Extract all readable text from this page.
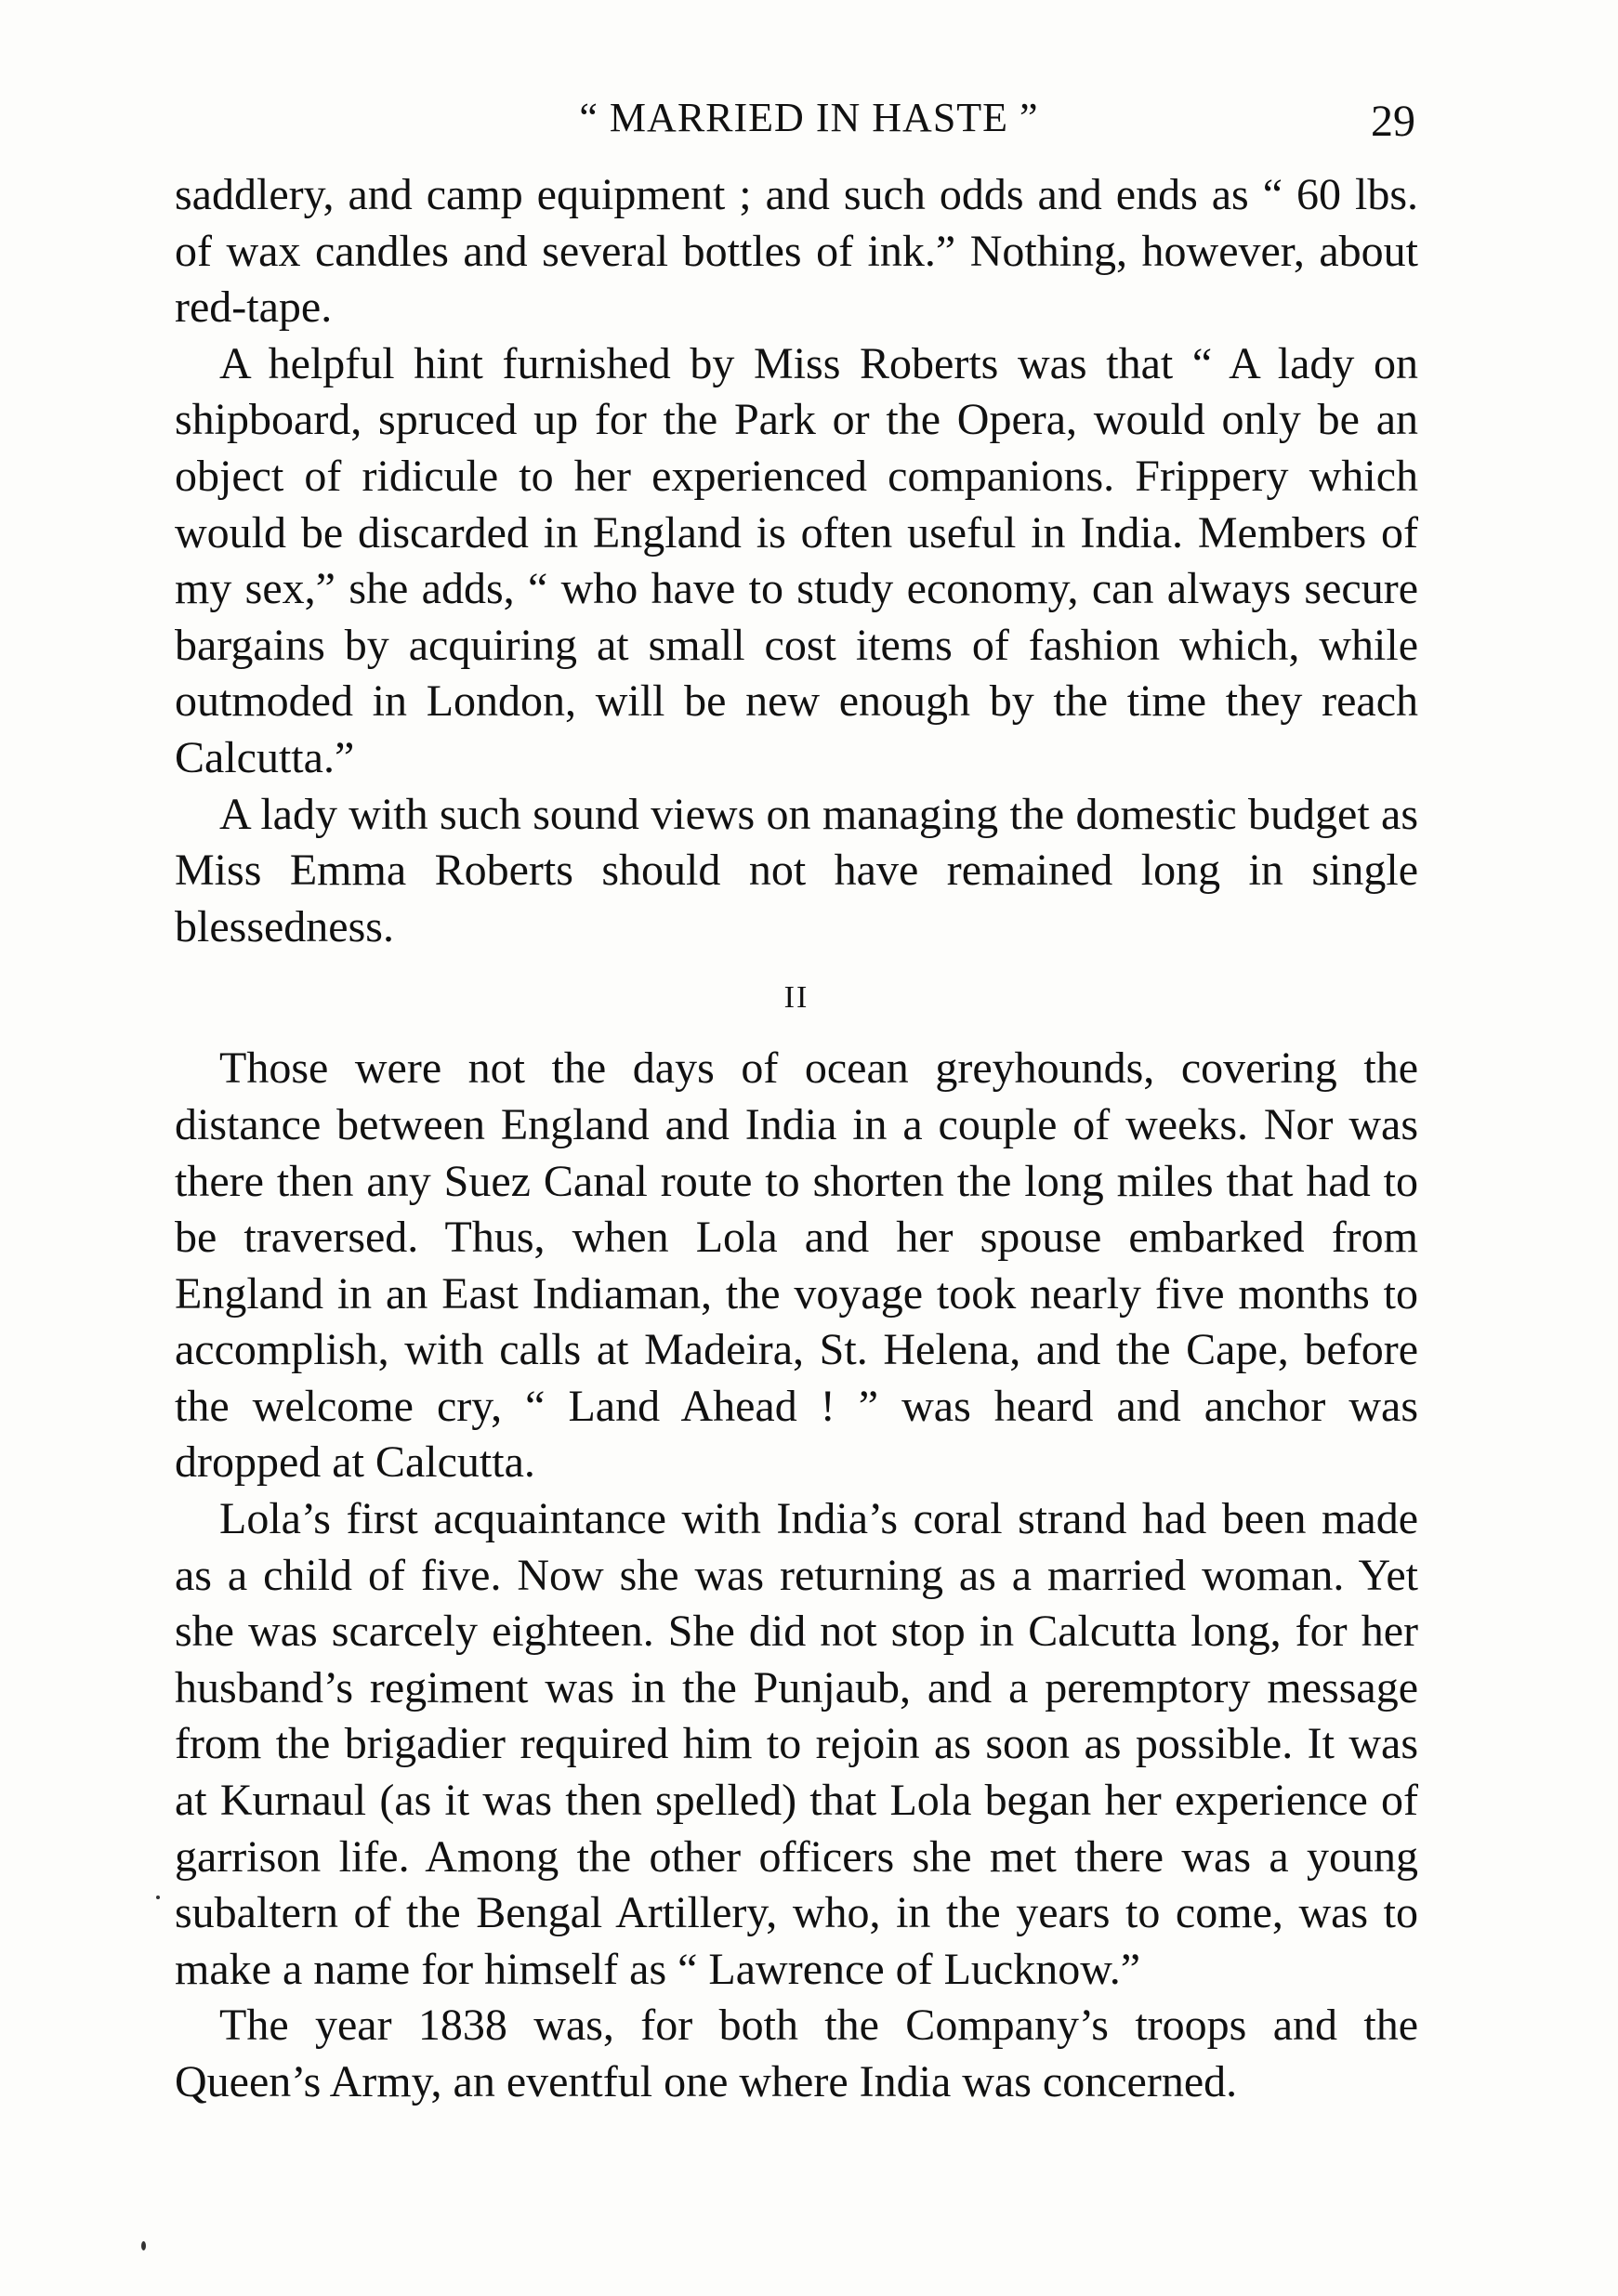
“ MARRIED IN HASTE ”	29

saddlery, and camp equipment ; and such odds and ends as “ 60 lbs. of wax candles and several bottles of ink.” Nothing, however, about red-tape.

A helpful hint furnished by Miss Roberts was that “ A lady on shipboard, spruced up for the Park or the Opera, would only be an object of ridicule to her experienced companions. Frippery which would be discarded in England is often useful in India. Members of my sex,” she adds, “ who have to study economy, can always secure bargains by acquiring at small cost items of fashion which, while outmoded in London, will be new enough by the time they reach Calcutta.”

A lady with such sound views on managing the domestic budget as Miss Emma Roberts should not have remained long in single blessedness.

II

Those were not the days of ocean greyhounds, covering the distance between England and India in a couple of weeks. Nor was there then any Suez Canal route to shorten the long miles that had to be traversed. Thus, when Lola and her spouse embarked from England in an East Indiaman, the voyage took nearly five months to accomplish, with calls at Madeira, St. Helena, and the Cape, before the welcome cry, “ Land Ahead ! ” was heard and anchor was dropped at Calcutta.

Lola’s first acquaintance with India’s coral strand had been made as a child of five. Now she was returning as a married woman. Yet she was scarcely eighteen. She did not stop in Calcutta long, for her husband’s regiment was in the Punjaub, and a peremptory message from the brigadier required him to rejoin as soon as possible. It was at Kurnaul (as it was then spelled) that Lola began her experience of garrison life. Among the other officers she met there was a young subaltern of the Bengal Artillery, who, in the years to come, was to make a name for himself as “ Lawrence of Lucknow.”

The year 1838 was, for both the Company’s troops and the Queen’s Army, an eventful one where India was concerned.
